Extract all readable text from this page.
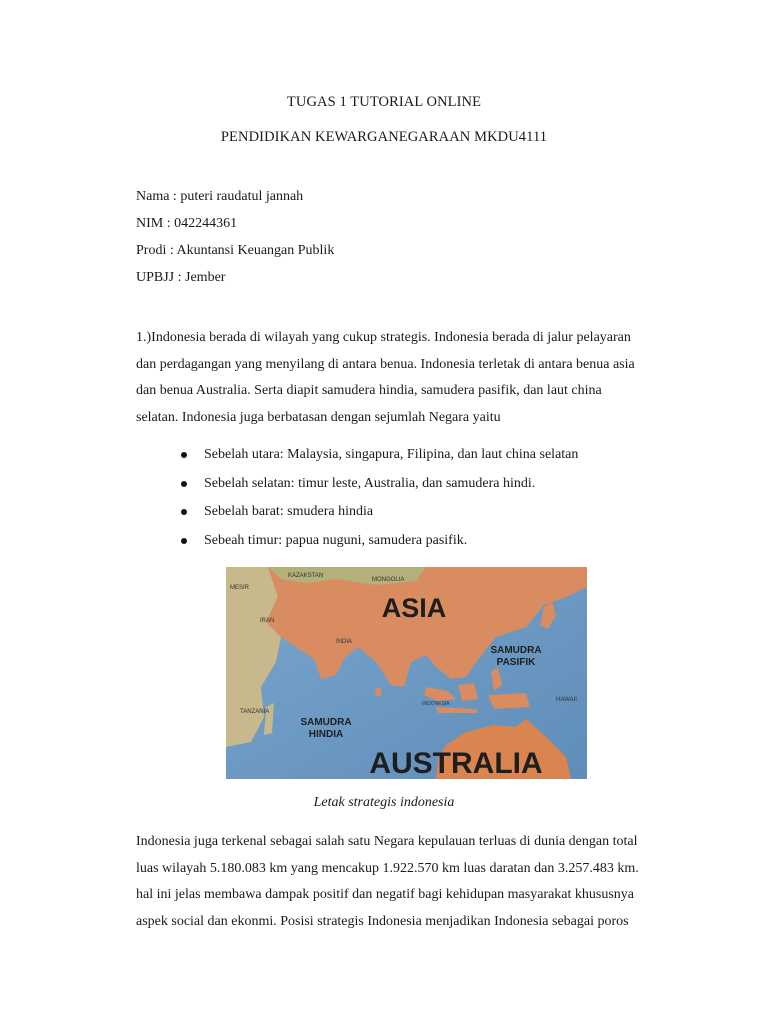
TUGAS 1 TUTORIAL ONLINE
PENDIDIKAN KEWARGANEGARAAN MKDU4111
Nama : puteri raudatul jannah
NIM : 042244361
Prodi : Akuntansi Keuangan Publik
UPBJJ : Jember
1.)Indonesia berada di wilayah yang cukup strategis. Indonesia berada di jalur pelayaran
dan perdagangan yang menyilang di antara benua. Indonesia terletak di antara benua asia
dan benua Australia. Serta diapit samudera hindia, samudera pasifik, dan laut china
selatan. Indonesia juga berbatasan dengan sejumlah Negara yaitu
Sebelah utara: Malaysia, singapura, Filipina, dan laut china selatan
Sebelah selatan: timur leste, Australia, dan samudera hindi.
Sebelah barat: smudera hindia
Sebeah timur: papua nuguni, samudera pasifik.
ASIA
AUSTRALIA
SAMUDRA
PASIFIK
SAMUDRA
HINDIA
KAZAKSTAN
MONGOLIA
IRAN
INDIA
TANZANIA
INDONESIA
MESIR
HAWAII
Letak strategis indonesia
Indonesia juga terkenal sebagai salah satu Negara kepulauan terluas di dunia dengan total
luas wilayah 5.180.083 km yang mencakup 1.922.570 km luas daratan dan 3.257.483 km.
hal ini jelas membawa dampak positif dan negatif bagi kehidupan masyarakat khususnya
aspek social dan ekonmi. Posisi strategis Indonesia menjadikan Indonesia sebagai poros
